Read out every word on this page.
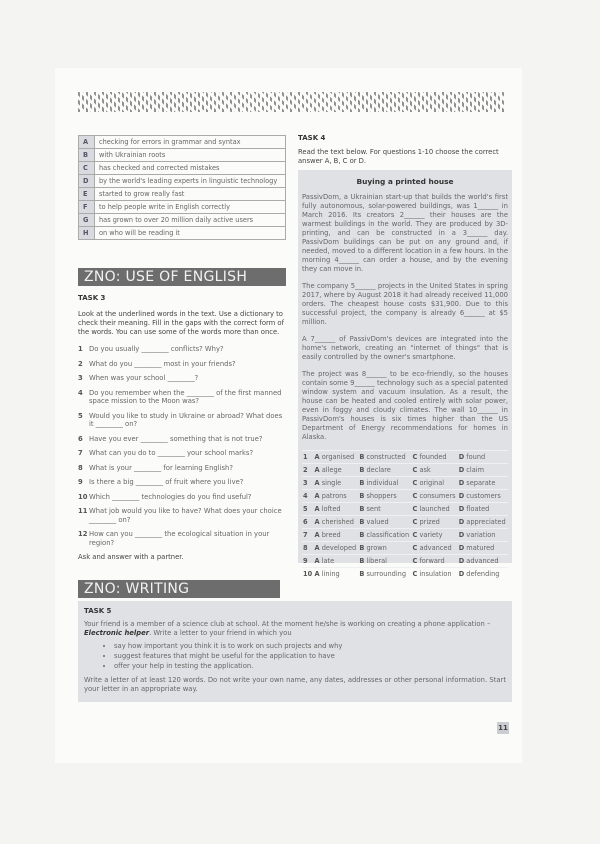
A	checking for errors in grammar and syntax
B	with Ukrainian roots
C	has checked and corrected mistakes
D	by the world's leading experts in linguistic technology
E	started to grow really fast
F	to help people write in English correctly
G	has grown to over 20 million daily active users
H	on who will be reading it
ZNO: USE OF ENGLISH
TASK 3
Look at the underlined words in the text. Use a dictionary to check their meaning. Fill in the gaps with the correct form of the words. You can use some of the words more than once.
1 Do you usually ________ conflicts? Why?
2 What do you ________ most in your friends?
3 When was your school ________?
4 Do you remember when the ________ of the first manned space mission to the Moon was?
5 Would you like to study in Ukraine or abroad? What does it ________ on?
6 Have you ever ________ something that is not true?
7 What can you do to ________ your school marks?
8 What is your ________ for learning English?
9 Is there a big ________ of fruit where you live?
10 Which ________ technologies do you find useful?
11 What job would you like to have? What does your choice ________ on?
12 How can you ________ the ecological situation in your region?
Ask and answer with a partner.
TASK 4
Read the text below. For questions 1-10 choose the correct answer A, B, C or D.
Buying a printed house
PassivDom, a Ukrainian start-up that builds the world's first fully autonomous, solar-powered buildings, was 1______ in March 2016. Its creators 2______ their houses are the warmest buildings in the world. They are produced by 3D-printing, and can be constructed in a 3______ day. PassivDom buildings can be put on any ground and, if needed, moved to a different location in a few hours. In the morning 4______ can order a house, and by the evening they can move in.
The company 5______ projects in the United States in spring 2017, where by August 2018 it had already received 11,000 orders. The cheapest house costs $31,900. Due to this successful project, the company is already 6______ at $5 million.
A 7______ of PassivDom's devices are integrated into the home's network, creating an "internet of things" that is easily controlled by the owner's smartphone.
The project was 8______ to be eco-friendly, so the houses contain some 9______ technology such as a special patented window system and vacuum insulation. As a result, the house can be heated and cooled entirely with solar power, even in foggy and cloudy climates. The wall 10______ in PassivDom's houses is six times higher than the US Department of Energy recommendations for homes in Alaska.
1	A organised	B constructed	C founded	D found
2	A allege	B declare	C ask	D claim
3	A single	B individual	C original	D separate
4	A patrons	B shoppers	C consumers	D customers
5	A lofted	B sent	C launched	D floated
6	A cherished	B valued	C prized	D appreciated
7	A breed	B classification	C variety	D variation
8	A developed	B grown	C advanced	D matured
9	A late	B liberal	C forward	D advanced
10	A lining	B surrounding	C insulation	D defending
ZNO: WRITING
TASK 5
Your friend is a member of a science club at school. At the moment he/she is working on creating a phone application – Electronic helper. Write a letter to your friend in which you
• say how important you think it is to work on such projects and why
• suggest features that might be useful for the application to have
• offer your help in testing the application.
Write a letter of at least 120 words. Do not write your own name, any dates, addresses or other personal information. Start your letter in an appropriate way.
11
